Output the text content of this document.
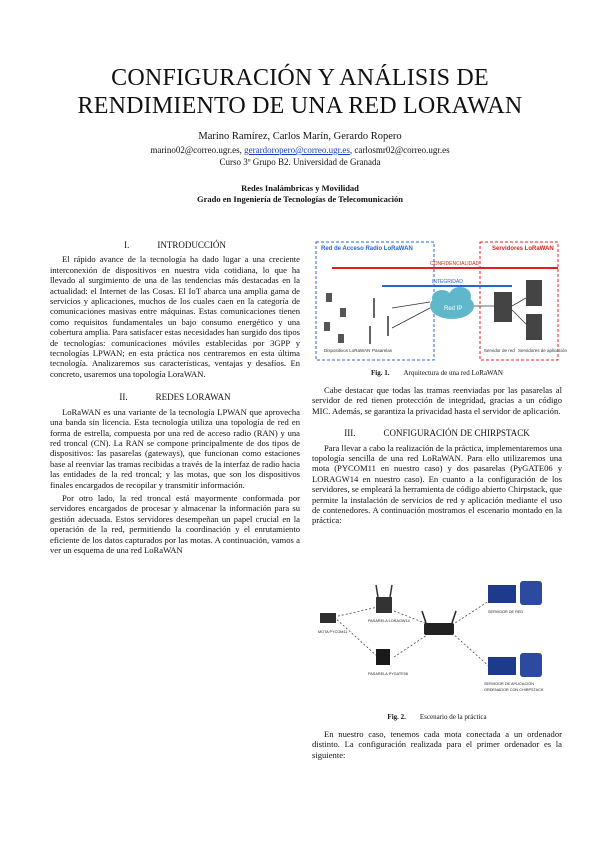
CONFIGURACIÓN Y ANÁLISIS DE
RENDIMIENTO DE UNA RED LORAWAN
Marino Ramírez, Carlos Marín, Gerardo Ropero
marino02@correo.ugr.es, gerardoropero@correo.ugr.es, carlosmr02@correo.ugr.es
Curso 3º Grupo B2. Universidad de Granada
Redes Inalámbricas y Movilidad
Grado en Ingeniería de Tecnologías de Telecomunicación
I.	INTRODUCCIÓN

El rápido avance de la tecnología ha dado lugar a una creciente interconexión de dispositivos en nuestra vida cotidiana, lo que ha llevado al surgimiento de una de las tendencias más destacadas en la actualidad: el Internet de las Cosas. El IoT abarca una amplia gama de servicios y aplicaciones, muchos de los cuales caen en la categoría de comunicaciones masivas entre máquinas. Estas comunicaciones tienen como requisitos fundamentales un bajo consumo energético y una cobertura amplia. Para satisfacer estas necesidades han surgido dos tipos de tecnologías: comunicaciones móviles establecidas por 3GPP y tecnologías LPWAN; en esta práctica nos centraremos en esta última tecnología. Analizaremos sus características, ventajas y desafíos. En concreto, usaremos una topología LoraWAN.

II.	REDES LORAWAN

LoRaWAN es una variante de la tecnología LPWAN que aprovecha una banda sin licencia. Esta tecnología utiliza una topología de red en forma de estrella, compuesta por una red de acceso radio (RAN) y una red troncal (CN). La RAN se compone principalmente de dos tipos de dispositivos: las pasarelas (gateways), que funcionan como estaciones base al reenviar las tramas recibidas a través de la interfaz de radio hacia las entidades de la red troncal; y las motas, que son los dispositivos finales encargados de recopilar y transmitir información.

Por otro lado, la red troncal está mayormente conformada por servidores encargados de procesar y almacenar la información para su gestión adecuada. Estos servidores desempeñan un papel crucial en la operación de la red, permitiendo la coordinación y el enrutamiento eficiente de los datos capturados por las motas. A continuación, vamos a ver un esquema de una red LoRaWAN

Red de Acceso Radio LoRaWAN	Servidores LoRaWAN
CONFIDENCIALIDAD
INTEGRIDAD
Red IP
Dispositivos LoRaWAN Pasarelas	Servidor de red Servidores de aplicación
Fig. 1. Arquitectura de una red LoRaWAN

Cabe destacar que todas las tramas reenviadas por las pasarelas al servidor de red tienen protección de integridad, gracias a un código MIC. Además, se garantiza la privacidad hasta el servidor de aplicación.

III.	CONFIGURACIÓN DE CHIRPSTACK

Para llevar a cabo la realización de la práctica, implementaremos una topología sencilla de una red LoRaWAN. Para ello utilizaremos una mota (PYCOM11 en nuestro caso) y dos pasarelas (PyGATE06 y LORAGW14 en nuestro caso). En cuanto a la configuración de los servidores, se empleará la herramienta de código abierto Chirpstack, que permite la instalación de servicios de red y aplicación mediante el uso de contenedores. A continuación mostramos el escenario montado en la práctica:

MOTA PYCOM11
PASARELA LORAGW14
PASARELA PYGATE06
SERVIDOR DE RED
SERVIDOR DE APLICACIÓN
ORDENADOR CON CHIRPSTACK
Fig. 2. Escenario de la práctica

En nuestro caso, tenemos cada mota conectada a un ordenador distinto. La configuración realizada para el primer ordenador es la siguiente:
